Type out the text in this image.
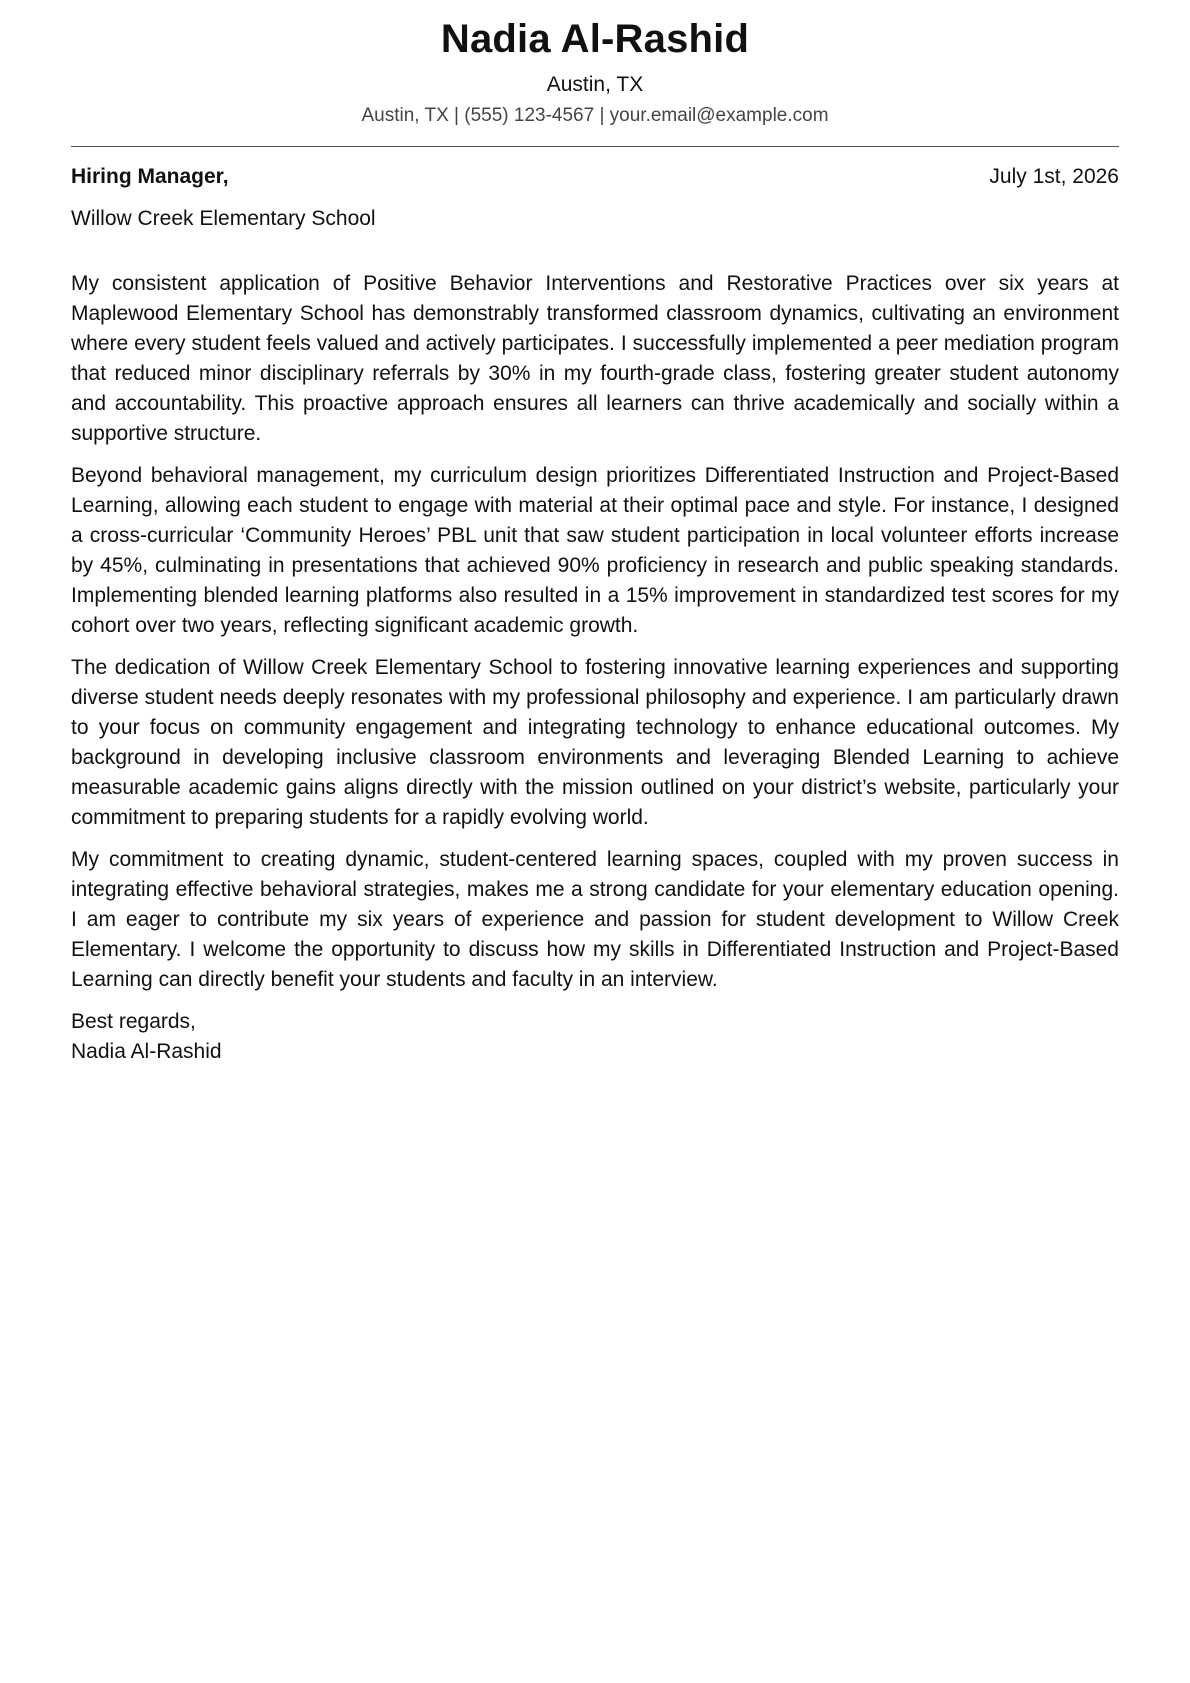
Nadia Al-Rashid
Austin, TX
Austin, TX | (555) 123-4567 | your.email@example.com
Hiring Manager,	July 1st, 2026
Willow Creek Elementary School

My consistent application of Positive Behavior Interventions and Restorative Practices over six years at Maplewood Elementary School has demonstrably transformed classroom dynamics, cultivating an environment where every student feels valued and actively participates. I successfully implemented a peer mediation program that reduced minor disciplinary referrals by 30% in my fourth-grade class, fostering greater student autonomy and accountability. This proactive approach ensures all learners can thrive academically and socially within a supportive structure.

Beyond behavioral management, my curriculum design prioritizes Differentiated Instruction and Project-Based Learning, allowing each student to engage with material at their optimal pace and style. For instance, I designed a cross-curricular ‘Community Heroes’ PBL unit that saw student participation in local volunteer efforts increase by 45%, culminating in presentations that achieved 90% proficiency in research and public speaking standards. Implementing blended learning platforms also resulted in a 15% improvement in standardized test scores for my cohort over two years, reflecting significant academic growth.

The dedication of Willow Creek Elementary School to fostering innovative learning experiences and supporting diverse student needs deeply resonates with my professional philosophy and experience. I am particularly drawn to your focus on community engagement and integrating technology to enhance educational outcomes. My background in developing inclusive classroom environments and leveraging Blended Learning to achieve measurable academic gains aligns directly with the mission outlined on your district’s website, particularly your commitment to preparing students for a rapidly evolving world.

My commitment to creating dynamic, student-centered learning spaces, coupled with my proven success in integrating effective behavioral strategies, makes me a strong candidate for your elementary education opening. I am eager to contribute my six years of experience and passion for student development to Willow Creek Elementary. I welcome the opportunity to discuss how my skills in Differentiated Instruction and Project-Based Learning can directly benefit your students and faculty in an interview.

Best regards,
Nadia Al-Rashid
